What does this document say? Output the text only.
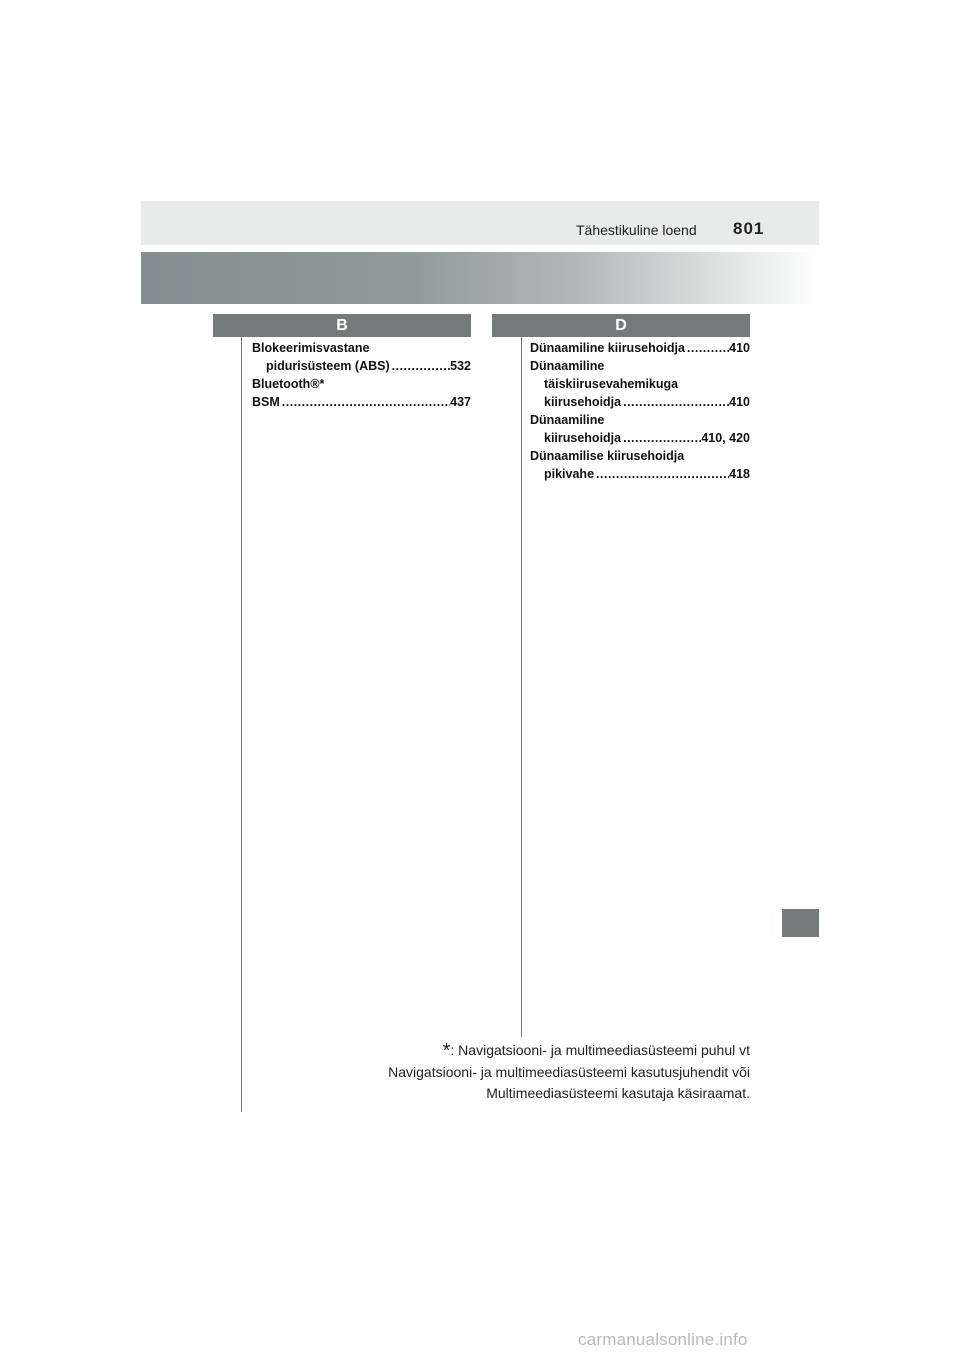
Tähestikuline loend 801
B	D
Blokeerimisvastane
pidurisüsteem (ABS) .....	532
Bluetooth®*
BSM .....	437
Dünaamiline kiirusehoidja .....	410
Dünaamiline
täiskiirusevahemikuga
kiirusehoidja .....	410
Dünaamiline
kiirusehoidja .....	410, 420
Dünaamilise kiirusehoidja
pikivahe .....	418
*: Navigatsiooni- ja multimeediasüsteemi puhul vt
Navigatsiooni- ja multimeediasüsteemi kasutusjuhendit või
Multimeediasüsteemi kasutaja käsiraamat.
carmanualsonline.info
